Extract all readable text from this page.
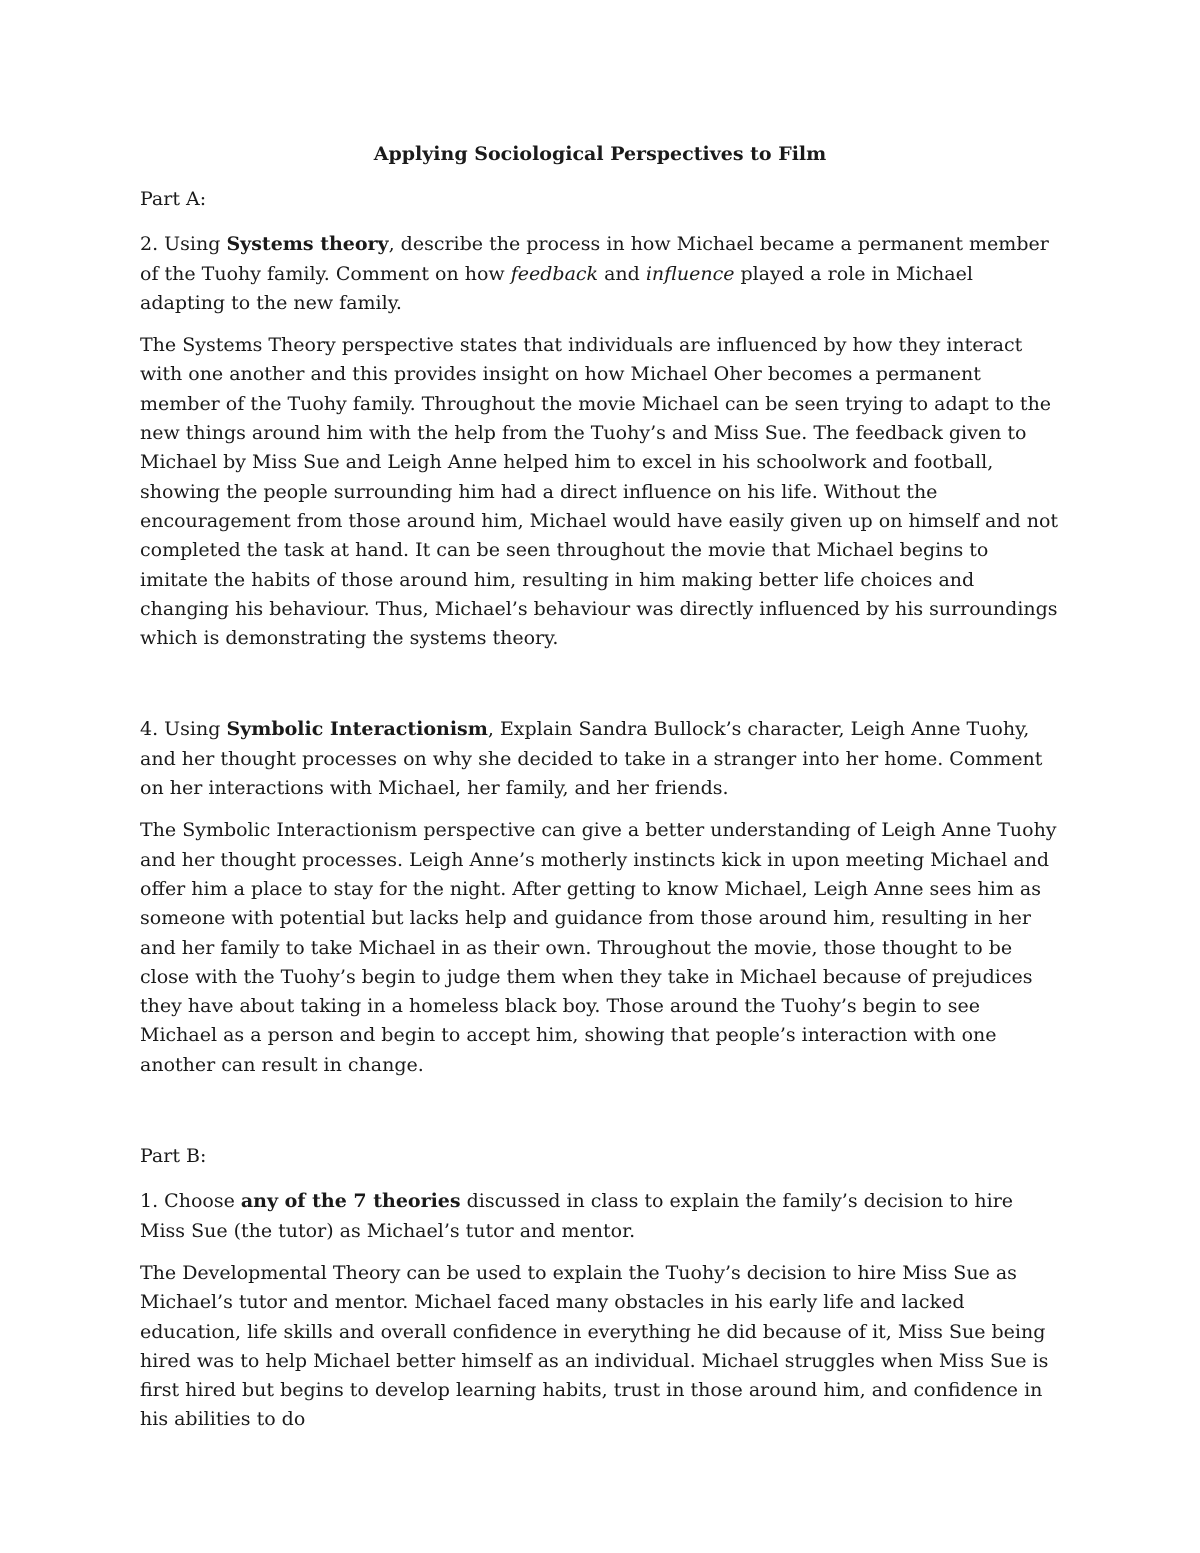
Applying Sociological Perspectives to Film

Part A:

2. Using Systems theory, describe the process in how Michael became a permanent member of the Tuohy family. Comment on how feedback and influence played a role in Michael adapting to the new family.

The Systems Theory perspective states that individuals are influenced by how they interact with one another and this provides insight on how Michael Oher becomes a permanent member of the Tuohy family. Throughout the movie Michael can be seen trying to adapt to the new things around him with the help from the Tuohy’s and Miss Sue. The feedback given to Michael by Miss Sue and Leigh Anne helped him to excel in his schoolwork and football, showing the people surrounding him had a direct influence on his life. Without the encouragement from those around him, Michael would have easily given up on himself and not completed the task at hand. It can be seen throughout the movie that Michael begins to imitate the habits of those around him, resulting in him making better life choices and changing his behaviour. Thus, Michael’s behaviour was directly influenced by his surroundings which is demonstrating the systems theory.

4. Using Symbolic Interactionism, Explain Sandra Bullock’s character, Leigh Anne Tuohy, and her thought processes on why she decided to take in a stranger into her home. Comment on her interactions with Michael, her family, and her friends.

The Symbolic Interactionism perspective can give a better understanding of Leigh Anne Tuohy and her thought processes. Leigh Anne’s motherly instincts kick in upon meeting Michael and offer him a place to stay for the night. After getting to know Michael, Leigh Anne sees him as someone with potential but lacks help and guidance from those around him, resulting in her and her family to take Michael in as their own. Throughout the movie, those thought to be close with the Tuohy’s begin to judge them when they take in Michael because of prejudices they have about taking in a homeless black boy. Those around the Tuohy’s begin to see Michael as a person and begin to accept him, showing that people’s interaction with one another can result in change.

Part B:

1. Choose any of the 7 theories discussed in class to explain the family’s decision to hire Miss Sue (the tutor) as Michael’s tutor and mentor.

The Developmental Theory can be used to explain the Tuohy’s decision to hire Miss Sue as Michael’s tutor and mentor. Michael faced many obstacles in his early life and lacked education, life skills and overall confidence in everything he did because of it, Miss Sue being hired was to help Michael better himself as an individual. Michael struggles when Miss Sue is first hired but begins to develop learning habits, trust in those around him, and confidence in his abilities to do
